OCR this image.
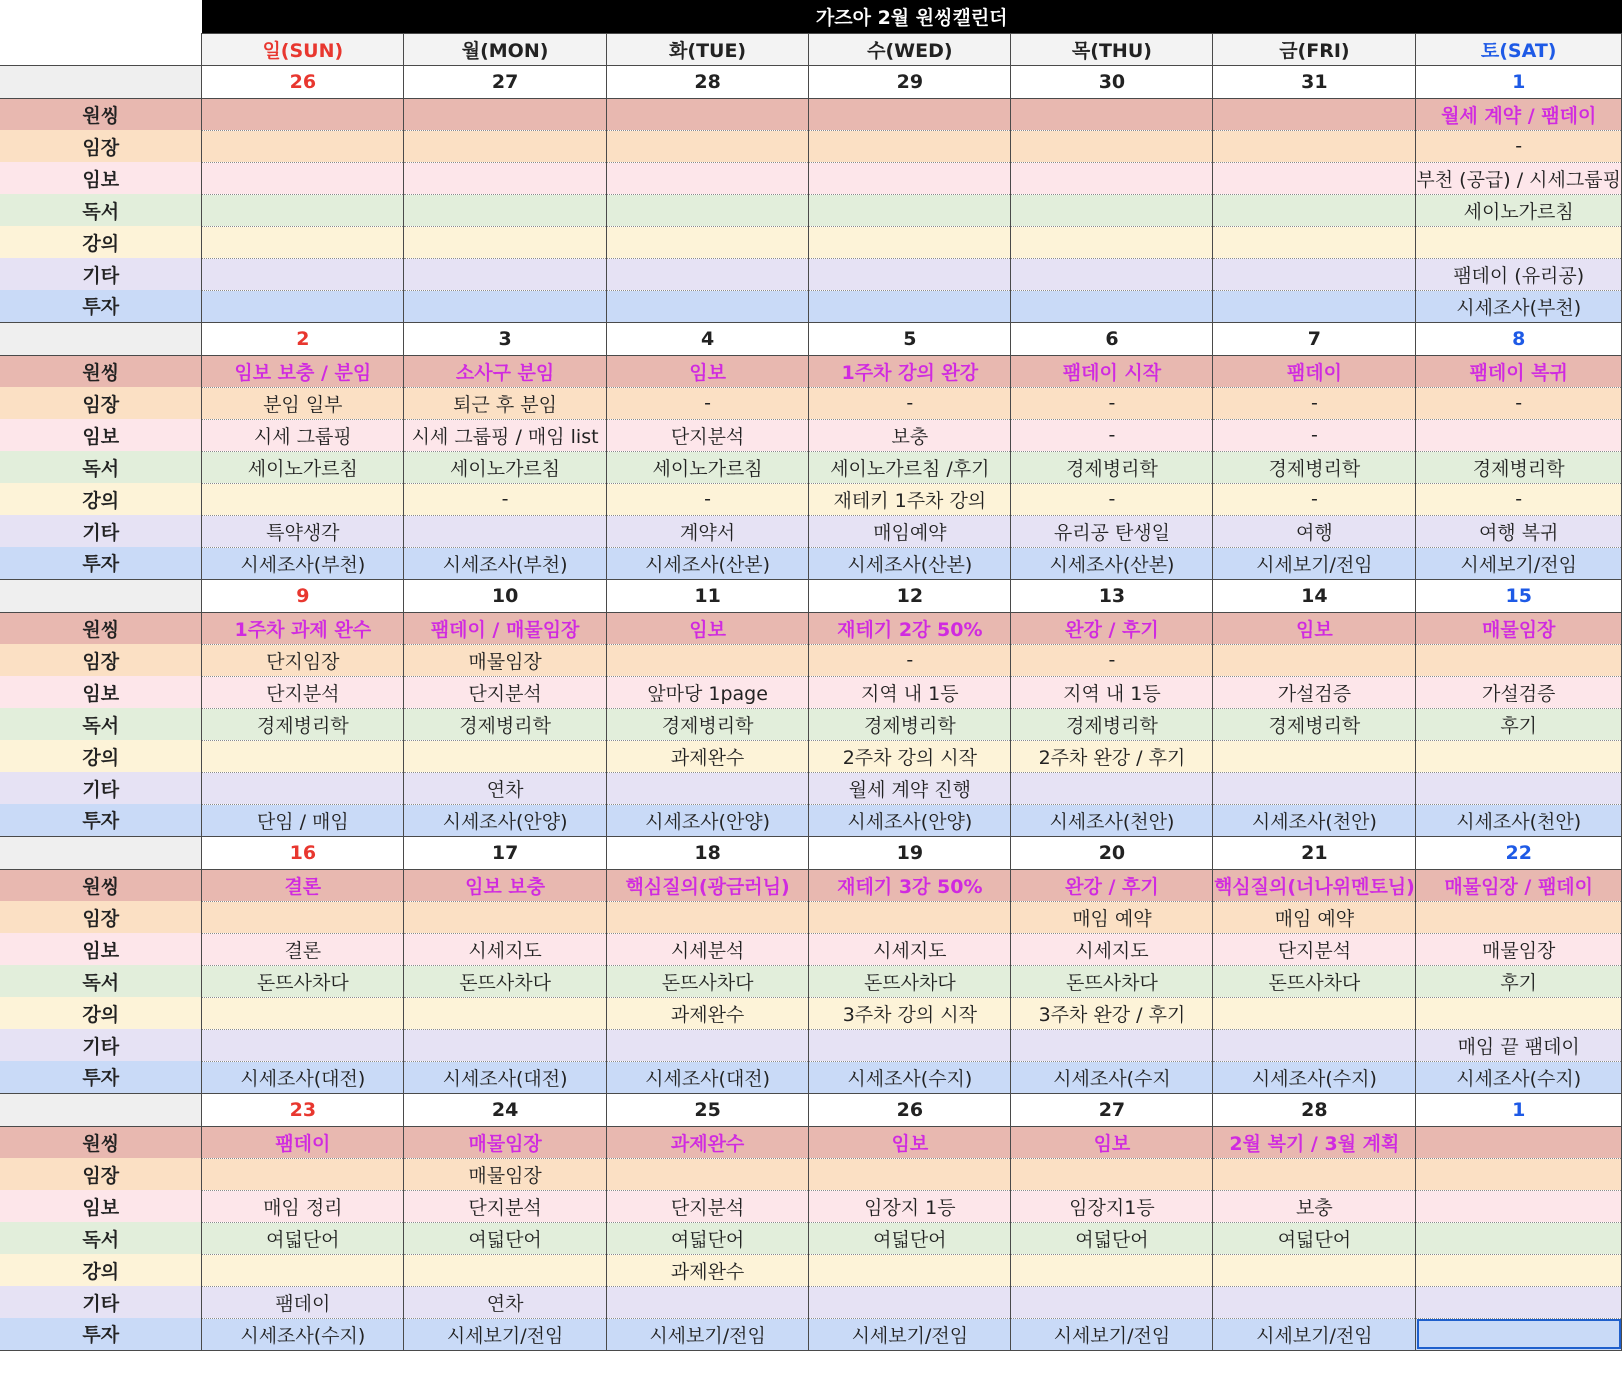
	가즈아 2월 원씽캘린더						
	일(SUN)	월(MON)	화(TUE)	수(WED)	목(THU)	금(FRI)	토(SAT)
	26	27	28	29	30	31	1
원씽							월세 계약 / 팸데이
임장							-
임보							부천 (공급) / 시세그룹핑
독서							세이노가르침
강의							
기타							팸데이 (유리공)
투자							시세조사(부천)
	2	3	4	5	6	7	8
원씽	임보 보충 / 분임	소사구 분임	임보	1주차 강의 완강	팸데이 시작	팸데이	팸데이 복귀
임장	분임 일부	퇴근 후 분임	-	-	-	-	-
임보	시세 그룹핑	시세 그룹핑 / 매임 list	단지분석	보충	-	-	
독서	세이노가르침	세이노가르침	세이노가르침	세이노가르침 /후기	경제병리학	경제병리학	경제병리학
강의		-	-	재테키 1주차 강의	-	-	-
기타	특약생각		계약서	매임예약	유리공 탄생일	여행	여행 복귀
투자	시세조사(부천)	시세조사(부천)	시세조사(산본)	시세조사(산본)	시세조사(산본)	시세보기/전임	시세보기/전임
	9	10	11	12	13	14	15
원씽	1주차 과제 완수	팸데이 / 매물임장	임보	재테기 2강 50%	완강 / 후기	임보	매물임장
임장	단지임장	매물임장		-	-		
임보	단지분석	단지분석	앞마당 1page	지역 내 1등	지역 내 1등	가설검증	가설검증
독서	경제병리학	경제병리학	경제병리학	경제병리학	경제병리학	경제병리학	후기
강의			과제완수	2주차 강의 시작	2주차 완강 / 후기		
기타		연차		월세 계약 진행			
투자	단임 / 매임	시세조사(안양)	시세조사(안양)	시세조사(안양)	시세조사(천안)	시세조사(천안)	시세조사(천안)
	16	17	18	19	20	21	22
원씽	결론	임보 보충	핵심질의(광금러님)	재테기 3강 50%	완강 / 후기	핵심질의(너나위멘토님)	매물임장 / 팸데이
임장					매임 예약	매임 예약	
임보	결론	시세지도	시세분석	시세지도	시세지도	단지분석	매물임장
독서	돈뜨사차다	돈뜨사차다	돈뜨사차다	돈뜨사차다	돈뜨사차다	돈뜨사차다	후기
강의			과제완수	3주차 강의 시작	3주차 완강 / 후기		
기타							매임 끝 팸데이
투자	시세조사(대전)	시세조사(대전)	시세조사(대전)	시세조사(수지)	시세조사(수지	시세조사(수지)	시세조사(수지)
	23	24	25	26	27	28	1
원씽	팸데이	매물임장	과제완수	임보	임보	2월 복기 / 3월 계획	
임장		매물임장					
임보	매임 정리	단지분석	단지분석	임장지 1등	임장지1등	보충	
독서	여덟단어	여덟단어	여덟단어	여덟단어	여덟단어	여덟단어	
강의			과제완수				
기타	팸데이	연차					
투자	시세조사(수지)	시세보기/전임	시세보기/전임	시세보기/전임	시세보기/전임	시세보기/전임	
